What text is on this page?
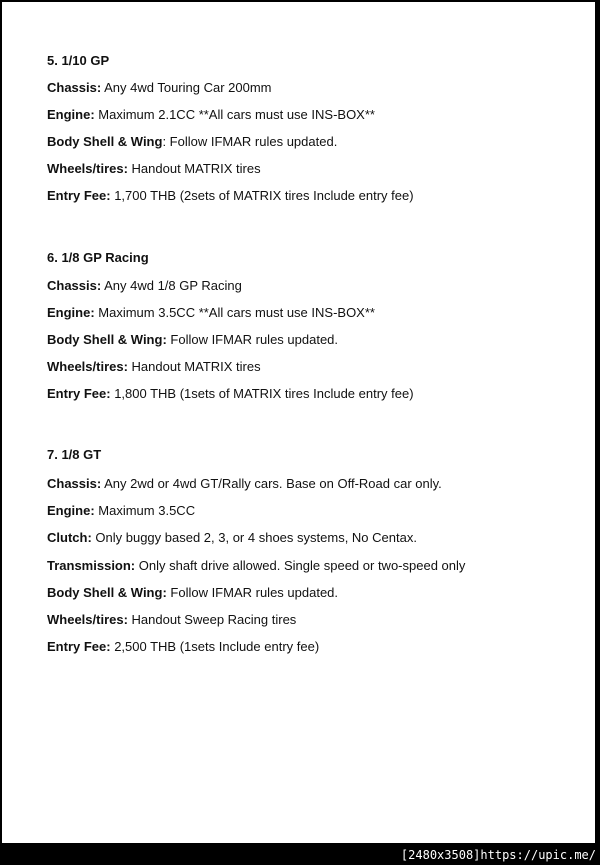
5. 1/10 GP
Chassis: Any 4wd Touring Car 200mm
Engine: Maximum 2.1CC **All cars must use INS-BOX**
Body Shell & Wing: Follow IFMAR rules updated.
Wheels/tires: Handout MATRIX tires
Entry Fee: 1,700 THB (2sets of MATRIX tires Include entry fee)
6. 1/8 GP Racing
Chassis: Any 4wd 1/8 GP Racing
Engine: Maximum 3.5CC **All cars must use INS-BOX**
Body Shell & Wing: Follow IFMAR rules updated.
Wheels/tires: Handout MATRIX tires
Entry Fee: 1,800 THB (1sets of MATRIX tires Include entry fee)
7. 1/8 GT
Chassis: Any 2wd or 4wd GT/Rally cars. Base on Off-Road car only.
Engine: Maximum 3.5CC
Clutch: Only buggy based 2, 3, or 4 shoes systems, No Centax.
Transmission: Only shaft drive allowed. Single speed or two-speed only
Body Shell & Wing: Follow IFMAR rules updated.
Wheels/tires: Handout Sweep Racing tires
Entry Fee: 2,500 THB (1sets Include entry fee)
[2480x3508]https://upic.me/
